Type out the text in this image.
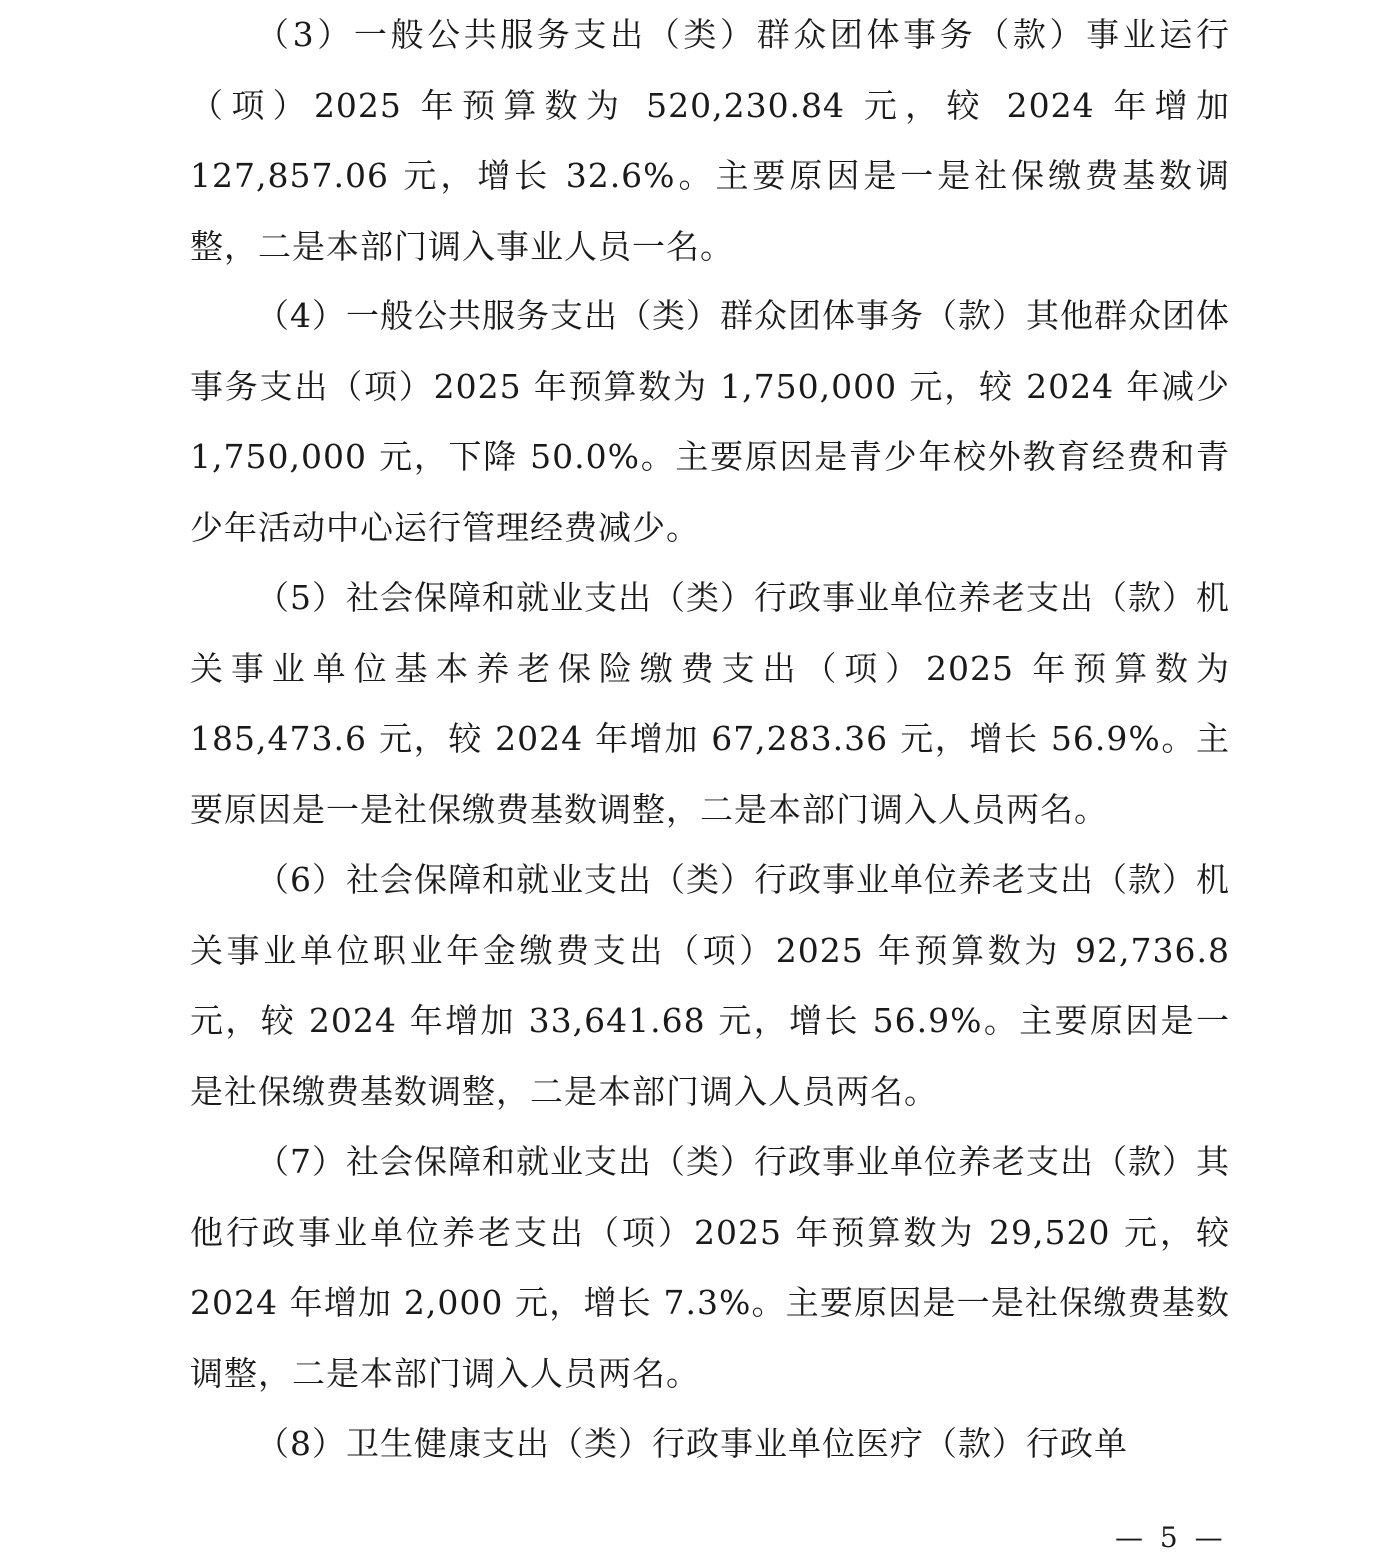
（3）一般公共服务支出（类）群众团体事务（款）事业运行（项）2025 年预算数为 520,230.84 元，较 2024 年增加 127,857.06 元，增长 32.6%。主要原因是一是社保缴费基数调整，二是本部门调入事业人员一名。

（4）一般公共服务支出（类）群众团体事务（款）其他群众团体事务支出（项）2025 年预算数为 1,750,000 元，较 2024 年减少 1,750,000 元，下降 50.0%。主要原因是青少年校外教育经费和青少年活动中心运行管理经费减少。

（5）社会保障和就业支出（类）行政事业单位养老支出（款）机关事业单位基本养老保险缴费支出（项）2025 年预算数为 185,473.6 元，较 2024 年增加 67,283.36 元，增长 56.9%。主要原因是一是社保缴费基数调整，二是本部门调入人员两名。

（6）社会保障和就业支出（类）行政事业单位养老支出（款）机关事业单位职业年金缴费支出（项）2025 年预算数为 92,736.8 元，较 2024 年增加 33,641.68 元，增长 56.9%。主要原因是一是社保缴费基数调整，二是本部门调入人员两名。

（7）社会保障和就业支出（类）行政事业单位养老支出（款）其他行政事业单位养老支出（项）2025 年预算数为 29,520 元，较 2024 年增加 2,000 元，增长 7.3%。主要原因是一是社保缴费基数调整，二是本部门调入人员两名。

（8）卫生健康支出（类）行政事业单位医疗（款）行政单

— 5 —
